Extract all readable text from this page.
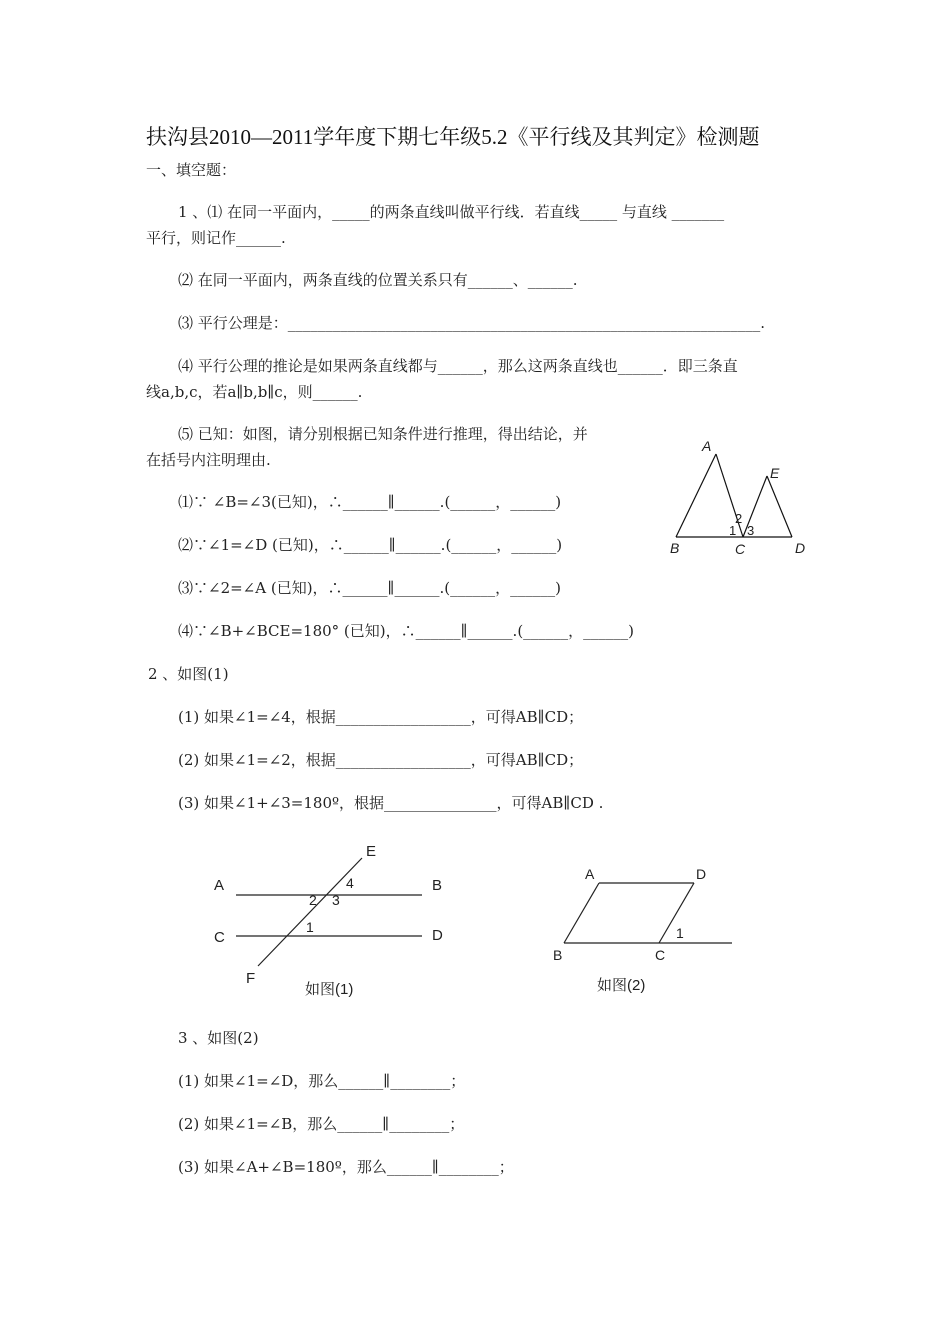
扶沟县2010—2011学年度下期七年级5.2《平行线及其判定》检测题
一、填空题：
1 、⑴ 在同一平面内，_____的两条直线叫做平行线．若直线_____ 与直线 _______
平行，则记作______.
⑵ 在同一平面内，两条直线的位置关系只有______、______.
⑶ 平行公理是：_______________________________________________________________.
⑷ 平行公理的推论是如果两条直线都与______，那么这两条直线也______．即三条直
线a,b,c，若a∥b,b∥c，则______.
⑸ 已知：如图，请分别根据已知条件进行推理，得出结论，并
在括号内注明理由.
⑴∵ ∠B=∠3(已知)，∴______∥______.(______，______)
⑵∵∠1=∠D (已知)，∴______∥______.(______，______)
⑶∵∠2=∠A (已知)，∴______∥______.(______，______)
⑷∵∠B+∠BCE=180° (已知)，∴______∥______.(______，______)
2 、如图(1)
(1) 如果∠1=∠4，根据__________________，可得AB∥CD；
(2) 如果∠1=∠2，根据__________________，可得AB∥CD；
(3) 如果∠1+∠3=180º，根据_______________，可得AB∥CD .
3 、如图(2)
(1) 如果∠1=∠D，那么______∥________；
(2) 如果∠1=∠B，那么______∥________；
(3) 如果∠A+∠B=180º，那么______∥________；
A
E
B	C	D
1
2
3
A	B
C	D
E
F
1
2 3
4
如图(1)
A	D
B	C
1
如图(2)
